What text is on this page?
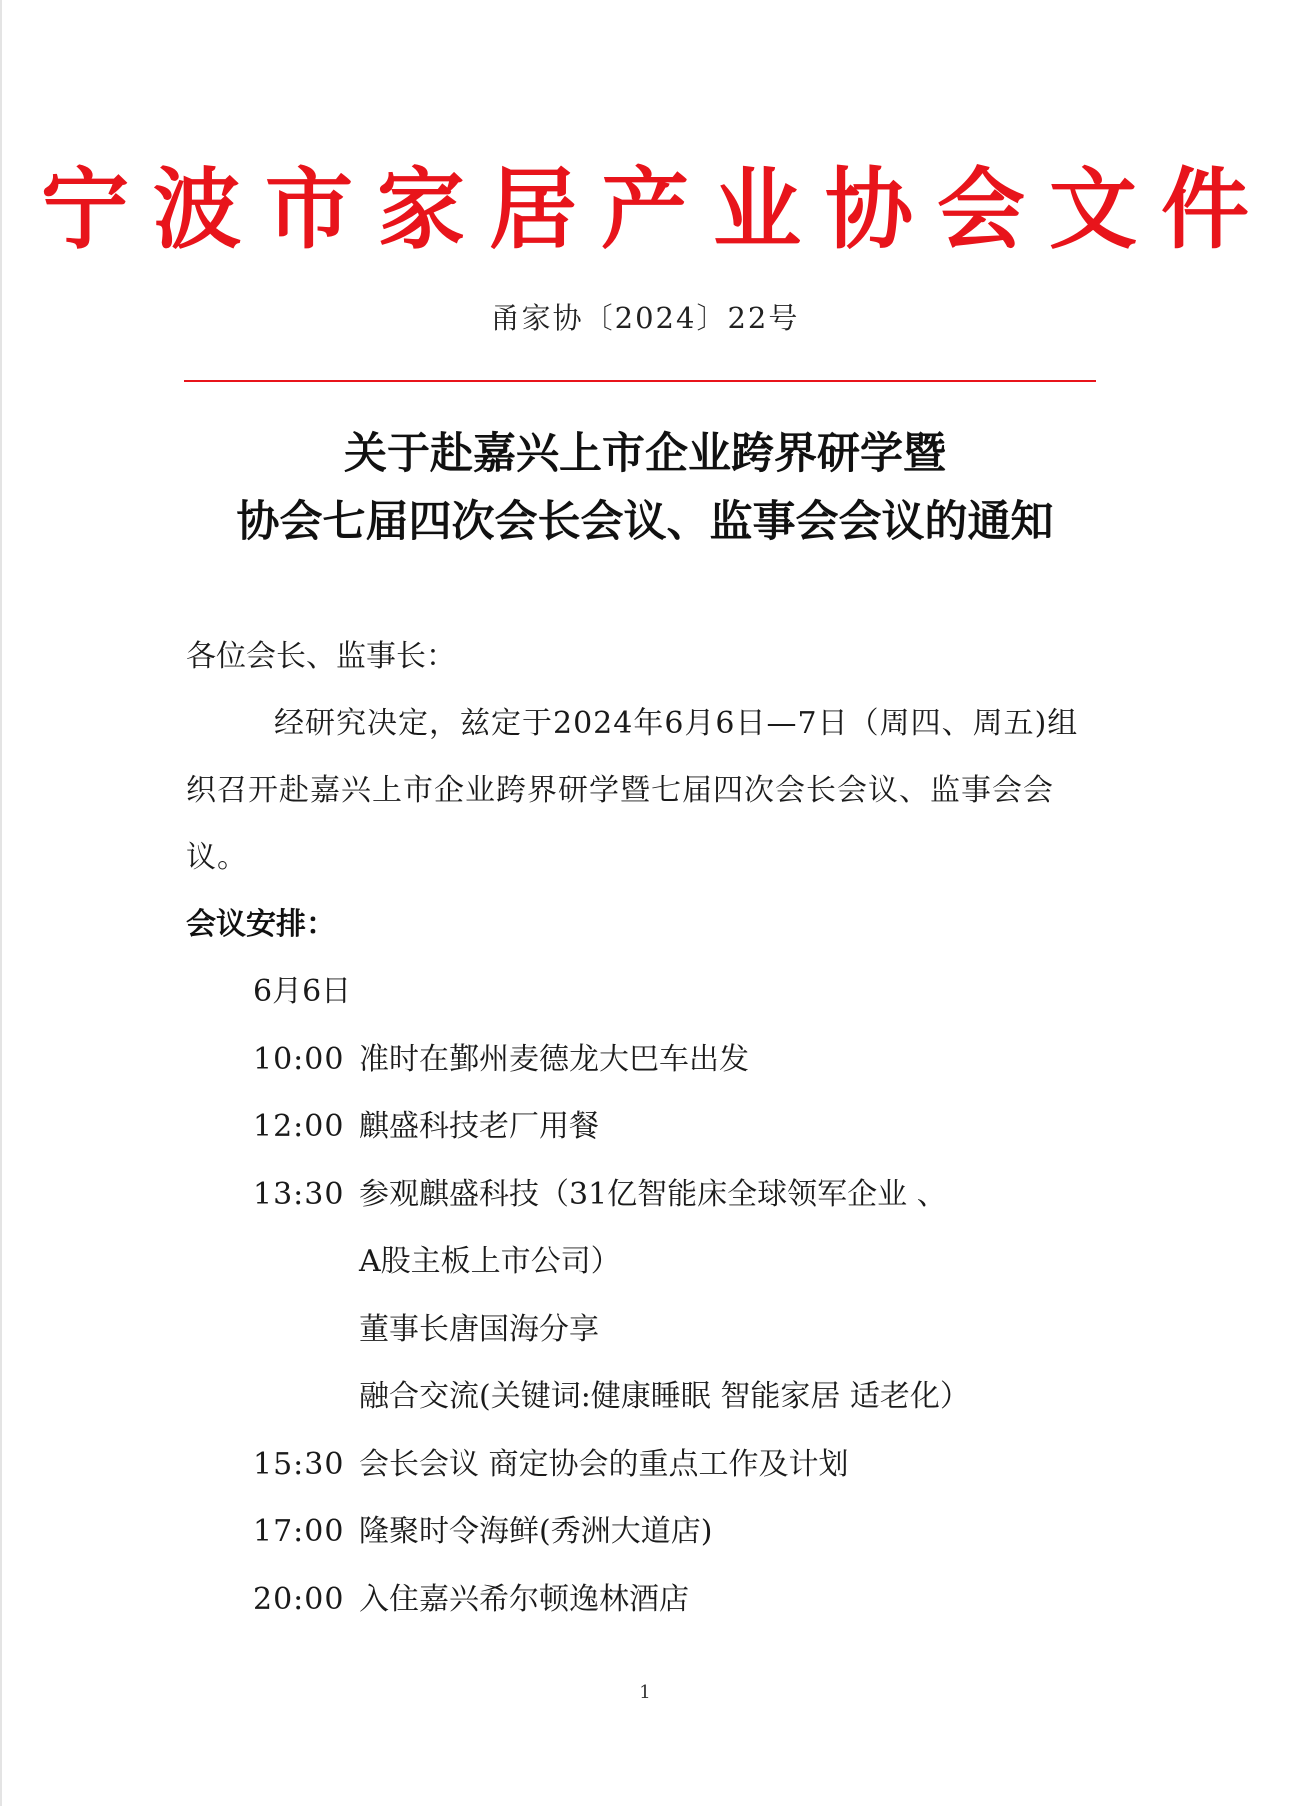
宁波市家居产业协会文件
甬家协〔2024〕22号
关于赴嘉兴上市企业跨界研学暨
协会七届四次会长会议、监事会会议的通知
各位会长、监事长：
经研究决定，兹定于2024年6月6日—7日（周四、周五)组织召开赴嘉兴上市企业跨界研学暨七届四次会长会议、监事会会议。
会议安排：
6月6日
10:00 准时在鄞州麦德龙大巴车出发
12:00 麒盛科技老厂用餐
13:30 参观麒盛科技（31亿智能床全球领军企业 、
A股主板上市公司）
董事长唐国海分享
融合交流(关键词:健康睡眠 智能家居 适老化）
15:30 会长会议 商定协会的重点工作及计划
17:00 隆聚时令海鲜(秀洲大道店)
20:00 入住嘉兴希尔顿逸林酒店
1
